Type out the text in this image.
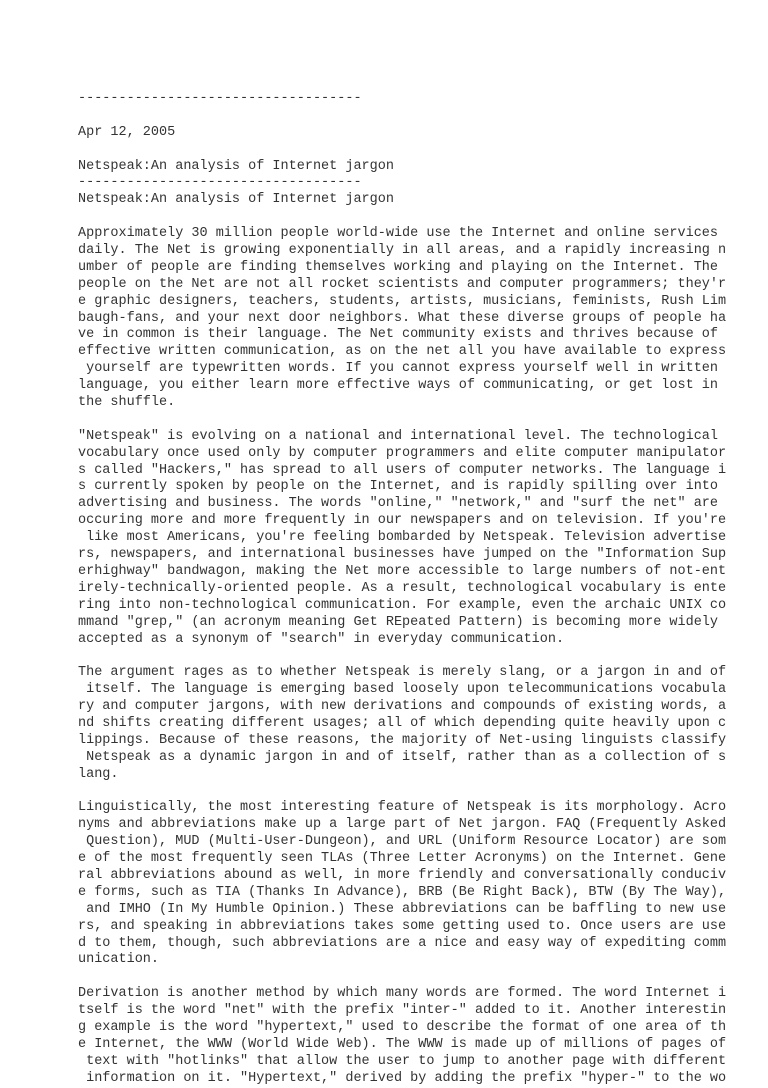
-----------------------------------
Apr 12, 2005
Netspeak:An analysis of Internet jargon
-----------------------------------
Netspeak:An analysis of Internet jargon
Approximately 30 million people world-wide use the Internet and online services
daily. The Net is growing exponentially in all areas, and a rapidly increasing n
umber of people are finding themselves working and playing on the Internet. The
people on the Net are not all rocket scientists and computer programmers; they'r
e graphic designers, teachers, students, artists, musicians, feminists, Rush Lim
baugh-fans, and your next door neighbors. What these diverse groups of people ha
ve in common is their language. The Net community exists and thrives because of
effective written communication, as on the net all you have available to express
yourself are typewritten words. If you cannot express yourself well in written
language, you either learn more effective ways of communicating, or get lost in
the shuffle.
"Netspeak" is evolving on a national and international level. The technological
vocabulary once used only by computer programmers and elite computer manipulator
s called "Hackers," has spread to all users of computer networks. The language i
s currently spoken by people on the Internet, and is rapidly spilling over into
advertising and business. The words "online," "network," and "surf the net" are
occuring more and more frequently in our newspapers and on television. If you're
like most Americans, you're feeling bombarded by Netspeak. Television advertise
rs, newspapers, and international businesses have jumped on the "Information Sup
erhighway" bandwagon, making the Net more accessible to large numbers of not-ent
irely-technically-oriented people. As a result, technological vocabulary is ente
ring into non-technological communication. For example, even the archaic UNIX co
mmand "grep," (an acronym meaning Get REpeated Pattern) is becoming more widely
accepted as a synonym of "search" in everyday communication.
The argument rages as to whether Netspeak is merely slang, or a jargon in and of
itself. The language is emerging based loosely upon telecommunications vocabula
ry and computer jargons, with new derivations and compounds of existing words, a
nd shifts creating different usages; all of which depending quite heavily upon c
lippings. Because of these reasons, the majority of Net-using linguists classify
Netspeak as a dynamic jargon in and of itself, rather than as a collection of s
lang.
Linguistically, the most interesting feature of Netspeak is its morphology. Acro
nyms and abbreviations make up a large part of Net jargon. FAQ (Frequently Asked
Question), MUD (Multi-User-Dungeon), and URL (Uniform Resource Locator) are som
e of the most frequently seen TLAs (Three Letter Acronyms) on the Internet. Gene
ral abbreviations abound as well, in more friendly and conversationally conduciv
e forms, such as TIA (Thanks In Advance), BRB (Be Right Back), BTW (By The Way),
and IMHO (In My Humble Opinion.) These abbreviations can be baffling to new use
rs, and speaking in abbreviations takes some getting used to. Once users are use
d to them, though, such abbreviations are a nice and easy way of expediting comm
unication.
Derivation is another method by which many words are formed. The word Internet i
tself is the word "net" with the prefix "inter-" added to it. Another interestin
g example is the word "hypertext," used to describe the format of one area of th
e Internet, the WWW (World Wide Web). The WWW is made up of millions of pages of
text with "hotlinks" that allow the user to jump to another page with different
information on it. "Hypertext," derived by adding the prefix "hyper-" to the wo
